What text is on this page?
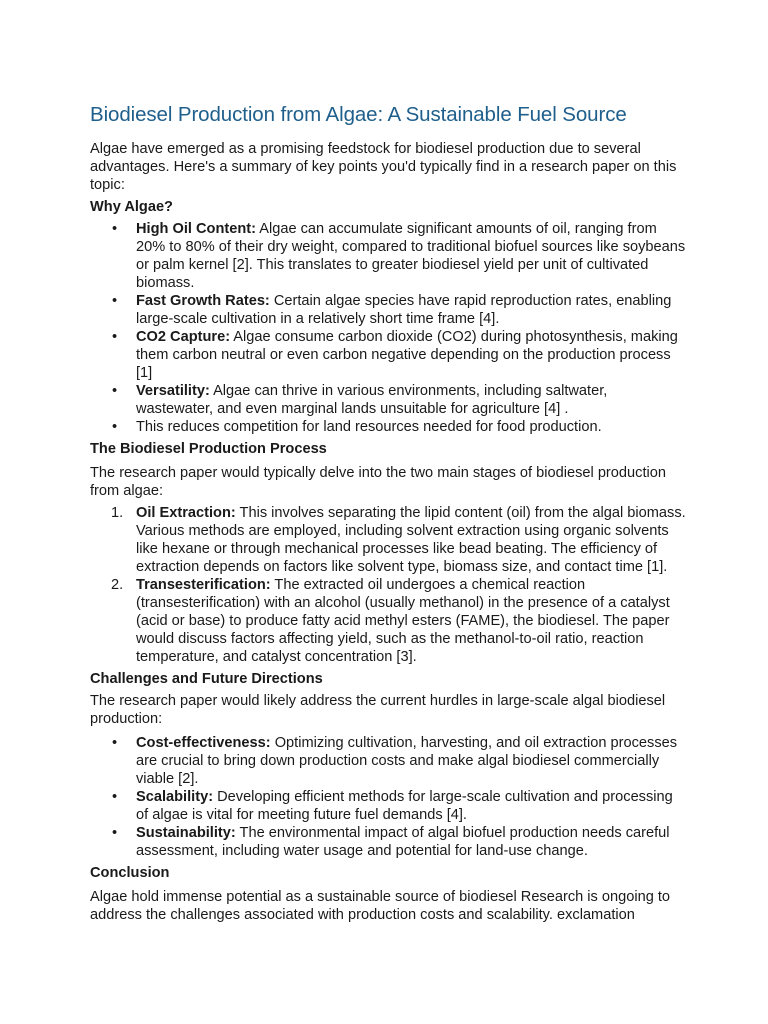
Biodiesel Production from Algae: A Sustainable Fuel Source

Algae have emerged as a promising feedstock for biodiesel production due to several advantages. Here's a summary of key points you'd typically find in a research paper on this topic:

Why Algae?

•	High Oil Content: Algae can accumulate significant amounts of oil, ranging from 20% to 80% of their dry weight, compared to traditional biofuel sources like soybeans or palm kernel [2]. This translates to greater biodiesel yield per unit of cultivated biomass.
•	Fast Growth Rates: Certain algae species have rapid reproduction rates, enabling large-scale cultivation in a relatively short time frame [4].
•	CO2 Capture: Algae consume carbon dioxide (CO2) during photosynthesis, making them carbon neutral or even carbon negative depending on the production process [1]
•	Versatility: Algae can thrive in various environments, including saltwater, wastewater, and even marginal lands unsuitable for agriculture [4] .
•	This reduces competition for land resources needed for food production.

The Biodiesel Production Process

The research paper would typically delve into the two main stages of biodiesel production from algae:

1. Oil Extraction: This involves separating the lipid content (oil) from the algal biomass. Various methods are employed, including solvent extraction using organic solvents like hexane or through mechanical processes like bead beating. The efficiency of extraction depends on factors like solvent type, biomass size, and contact time [1].
2. Transesterification: The extracted oil undergoes a chemical reaction (transesterification) with an alcohol (usually methanol) in the presence of a catalyst (acid or base) to produce fatty acid methyl esters (FAME), the biodiesel. The paper would discuss factors affecting yield, such as the methanol-to-oil ratio, reaction temperature, and catalyst concentration [3].

Challenges and Future Directions

The research paper would likely address the current hurdles in large-scale algal biodiesel production:

•	Cost-effectiveness: Optimizing cultivation, harvesting, and oil extraction processes are crucial to bring down production costs and make algal biodiesel commercially viable [2].
•	Scalability: Developing efficient methods for large-scale cultivation and processing of algae is vital for meeting future fuel demands [4].
•	Sustainability: The environmental impact of algal biofuel production needs careful assessment, including water usage and potential for land-use change.

Conclusion

Algae hold immense potential as a sustainable source of biodiesel Research is ongoing to address the challenges associated with production costs and scalability. exclamation
